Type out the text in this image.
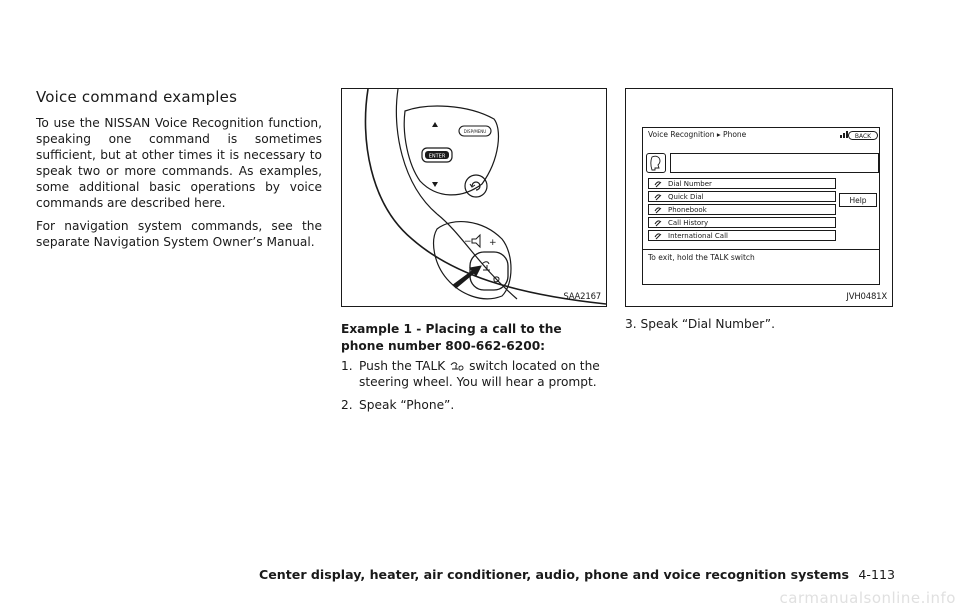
Voice command examples

To use the NISSAN Voice Recognition function, speaking one command is sometimes sufficient, but at other times it is necessary to speak two or more commands. As examples, some additional basic operations by voice commands are described here.

For navigation system commands, see the separate Navigation System Owner’s Manual.

ENTER
DISP/MENU
− +
SAA2167
Example 1 - Placing a call to the phone number 800-662-6200:
1. Push the TALK switch located on the steering wheel. You will hear a prompt.
2. Speak “Phone”.
Voice Recognition ▸ Phone	BACK
Dial Number
Quick Dial
Phonebook
Call History
International Call
Help
To exit, hold the TALK switch
JVH0481X
3. Speak “Dial Number”.
Center display, heater, air conditioner, audio, phone and voice recognition systems 4-113
carmanualsonline.info
